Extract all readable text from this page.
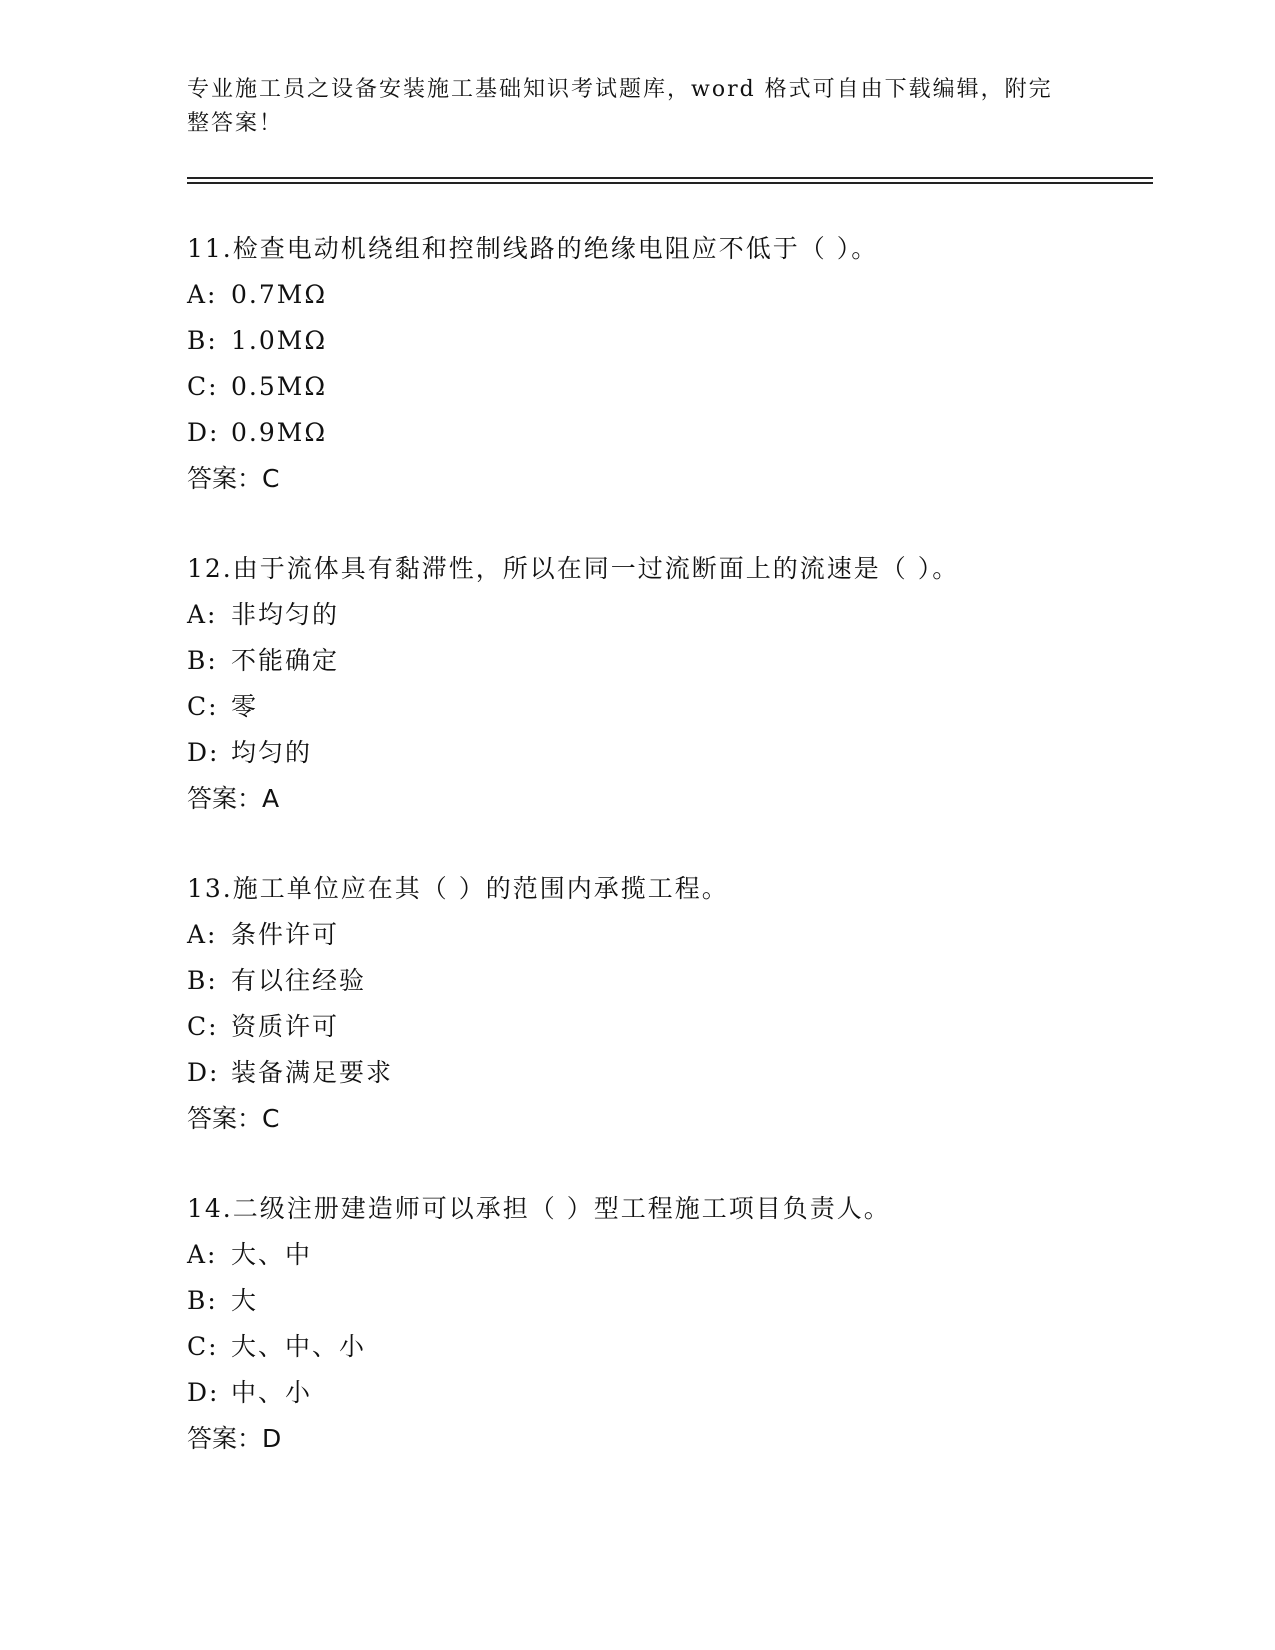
专业施工员之设备安装施工基础知识考试题库，word 格式可自由下载编辑，附完
整答案！
11.检查电动机绕组和控制线路的绝缘电阻应不低于（ ）。
A: 0.7MΩ
B: 1.0MΩ
C: 0.5MΩ
D: 0.9MΩ
答案：C
12.由于流体具有黏滞性，所以在同一过流断面上的流速是（ ）。
A: 非均匀的
B: 不能确定
C: 零
D: 均匀的
答案：A
13.施工单位应在其（ ）的范围内承揽工程。
A: 条件许可
B: 有以往经验
C: 资质许可
D: 装备满足要求
答案：C
14.二级注册建造师可以承担（ ）型工程施工项目负责人。
A: 大、中
B: 大
C: 大、中、小
D: 中、小
答案：D
